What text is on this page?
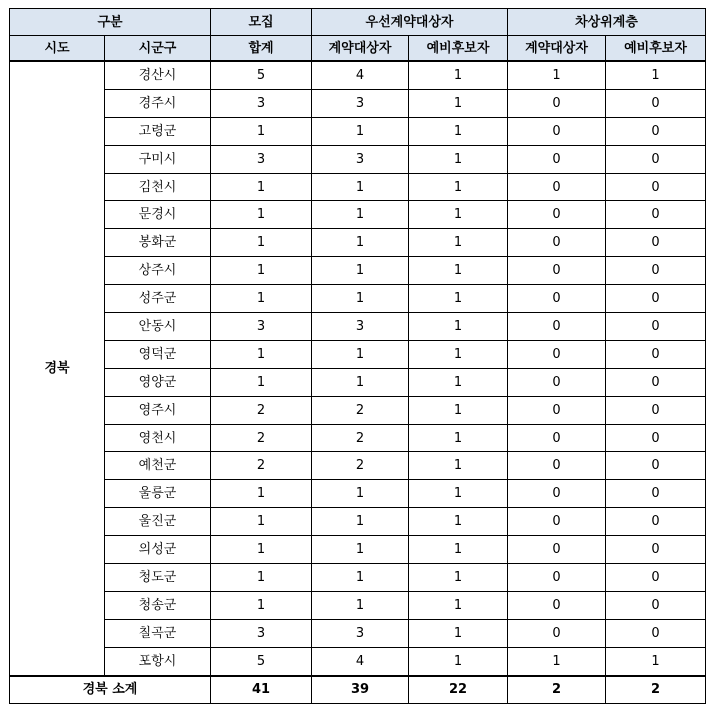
구분		모집	우선계약대상자		차상위계층	
시도	시군구	합계	계약대상자	예비후보자	계약대상자	예비후보자
경북	경산시	5	4	1	1	1
	경주시	3	3	1	0	0
	고령군	1	1	1	0	0
	구미시	3	3	1	0	0
	김천시	1	1	1	0	0
	문경시	1	1	1	0	0
	봉화군	1	1	1	0	0
	상주시	1	1	1	0	0
	성주군	1	1	1	0	0
	안동시	3	3	1	0	0
	영덕군	1	1	1	0	0
	영양군	1	1	1	0	0
	영주시	2	2	1	0	0
	영천시	2	2	1	0	0
	예천군	2	2	1	0	0
	울릉군	1	1	1	0	0
	울진군	1	1	1	0	0
	의성군	1	1	1	0	0
	청도군	1	1	1	0	0
	청송군	1	1	1	0	0
	칠곡군	3	3	1	0	0
	포항시	5	4	1	1	1
경북 소계		41	39	22	2	2
